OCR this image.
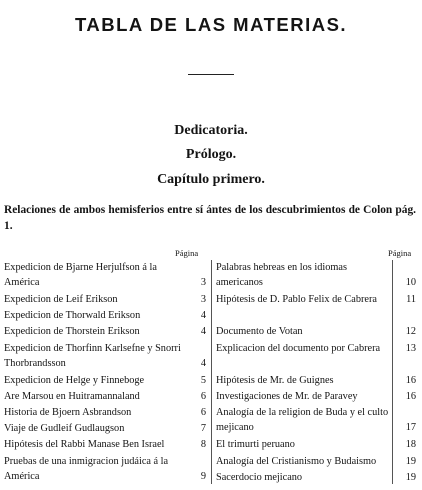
TABLA DE LAS MATERIAS.
Dedicatoria.
Prólogo.
Capítulo primero.
Relaciones de ambos hemisferios entre sí ántes de los descubrimientos de Colon pág. 1.
Página	Página
Expedicion de Bjarne Herjulfson á la América	3
Expedicion de Leif Erikson	3
Expedicion de Thorwald Erikson	4
Expedicion de Thorstein Erikson	4
Expedicion de Thorfinn Karlsefne y Snorri Thorbrandsson	4
Expedicion de Helge y Finneboge	5
Are Marsou en Huitramannaland	6
Historia de Bjoern Asbrandson	6
Viaje de Gudleif Gudlaugson	7
Hipótesis del Rabbi Manase Ben Israel	8
Pruebas de una inmigracion judáica á la América	9
Palabras hebreas en los idiomas americanos	10
Hipótesis de D. Pablo Felix de Cabrera	11
Documento de Votan	12
Explicacion del documento por Cabrera	13
Hipótesis de Mr. de Guignes	16
Investigaciones de Mr. de Paravey	16
Analogía de la religion de Buda y el culto mejicano	17
El trimurti peruano	18
Analogía del Cristianismo y Budaismo	19
Sacerdocio mejicano	19
